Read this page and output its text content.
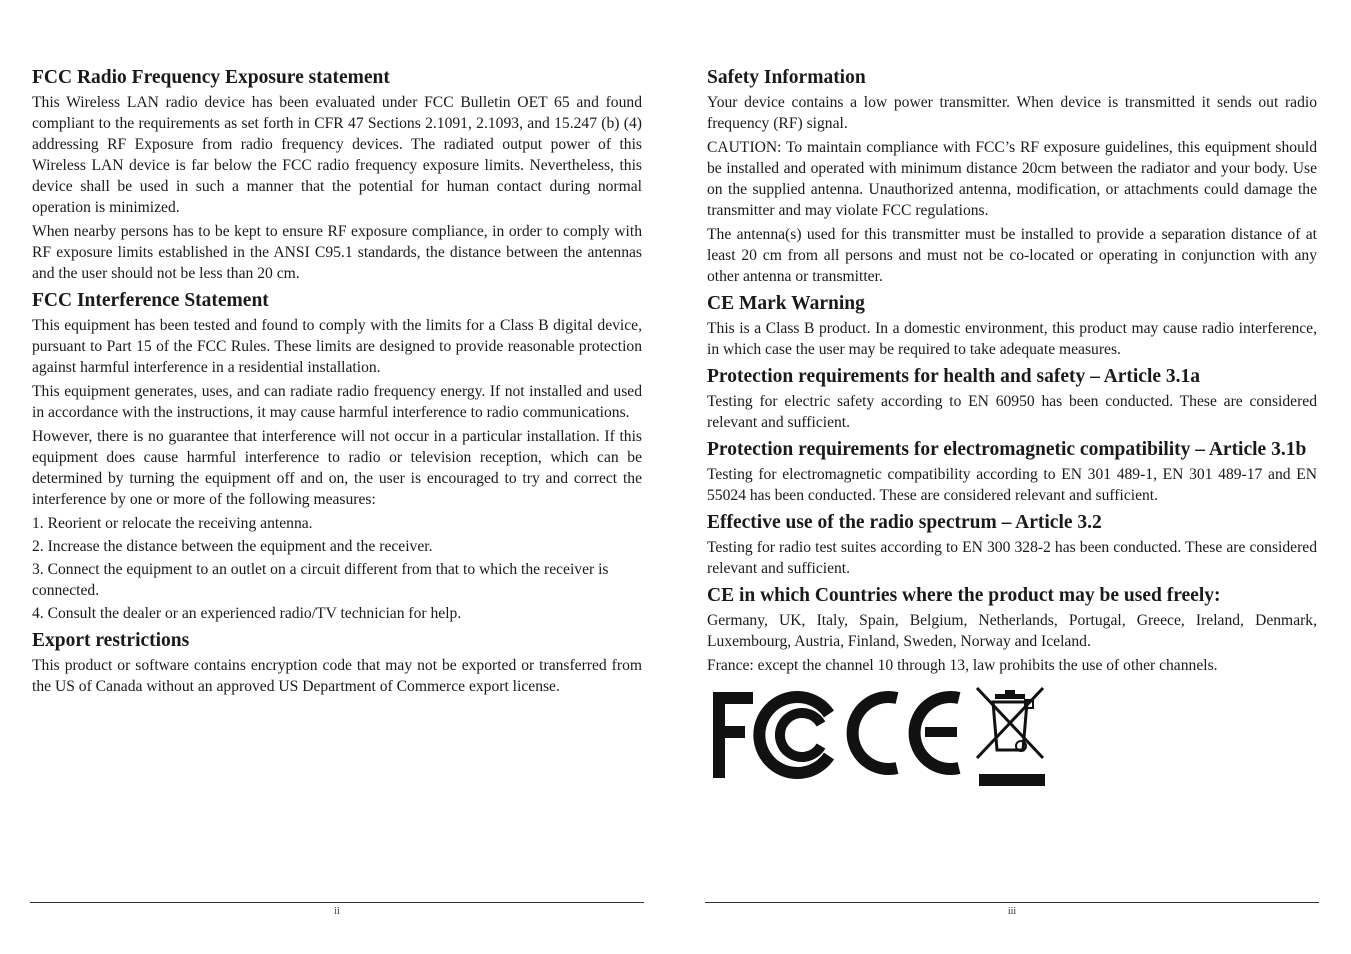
FCC Radio Frequency Exposure statement

This Wireless LAN radio device has been evaluated under FCC Bulletin OET 65 and found compliant to the requirements as set forth in CFR 47 Sections 2.1091, 2.1093, and 15.247 (b) (4) addressing RF Exposure from radio frequency devices. The radiated output power of this Wireless LAN device is far below the FCC radio frequency exposure limits. Nevertheless, this device shall be used in such a manner that the potential for human contact during normal operation is minimized.

When nearby persons has to be kept to ensure RF exposure compliance, in order to comply with RF exposure limits established in the ANSI C95.1 standards, the distance between the antennas and the user should not be less than 20 cm.

FCC Interference Statement

This equipment has been tested and found to comply with the limits for a Class B digital device, pursuant to Part 15 of the FCC Rules. These limits are designed to provide reasonable protection against harmful interference in a residential installation.

This equipment generates, uses, and can radiate radio frequency energy. If not installed and used in accordance with the instructions, it may cause harmful interference to radio communications.

However, there is no guarantee that interference will not occur in a particular installation. If this equipment does cause harmful interference to radio or television reception, which can be determined by turning the equipment off and on, the user is encouraged to try and correct the interference by one or more of the following measures:

1. Reorient or relocate the receiving antenna.

2. Increase the distance between the equipment and the receiver.

3. Connect the equipment to an outlet on a circuit different from that to which the receiver is connected.

4. Consult the dealer or an experienced radio/TV technician for help.

Export restrictions

This product or software contains encryption code that may not be exported or transferred from the US of Canada without an approved US Department of Commerce export license.

Safety Information

Your device contains a low power transmitter. When device is transmitted it sends out radio frequency (RF) signal.

CAUTION: To maintain compliance with FCC’s RF exposure guidelines, this equipment should be installed and operated with minimum distance 20cm between the radiator and your body. Use on the supplied antenna. Unauthorized antenna, modification, or attachments could damage the transmitter and may violate FCC regulations.

The antenna(s) used for this transmitter must be installed to provide a separation distance of at least 20 cm from all persons and must not be co-located or operating in conjunction with any other antenna or transmitter.

CE Mark Warning

This is a Class B product. In a domestic environment, this product may cause radio interference, in which case the user may be required to take adequate measures.

Protection requirements for health and safety – Article 3.1a

Testing for electric safety according to EN 60950 has been conducted. These are considered relevant and sufficient.

Protection requirements for electromagnetic compatibility – Article 3.1b

Testing for electromagnetic compatibility according to EN 301 489-1, EN 301 489-17 and EN 55024 has been conducted. These are considered relevant and sufficient.

Effective use of the radio spectrum – Article 3.2

Testing for radio test suites according to EN 300 328-2 has been conducted. These are considered relevant and sufficient.

CE in which Countries where the product may be used freely:

Germany, UK, Italy, Spain, Belgium, Netherlands, Portugal, Greece, Ireland, Denmark, Luxembourg, Austria, Finland, Sweden, Norway and Iceland.

France: except the channel 10 through 13, law prohibits the use of other channels.

ii	iii
